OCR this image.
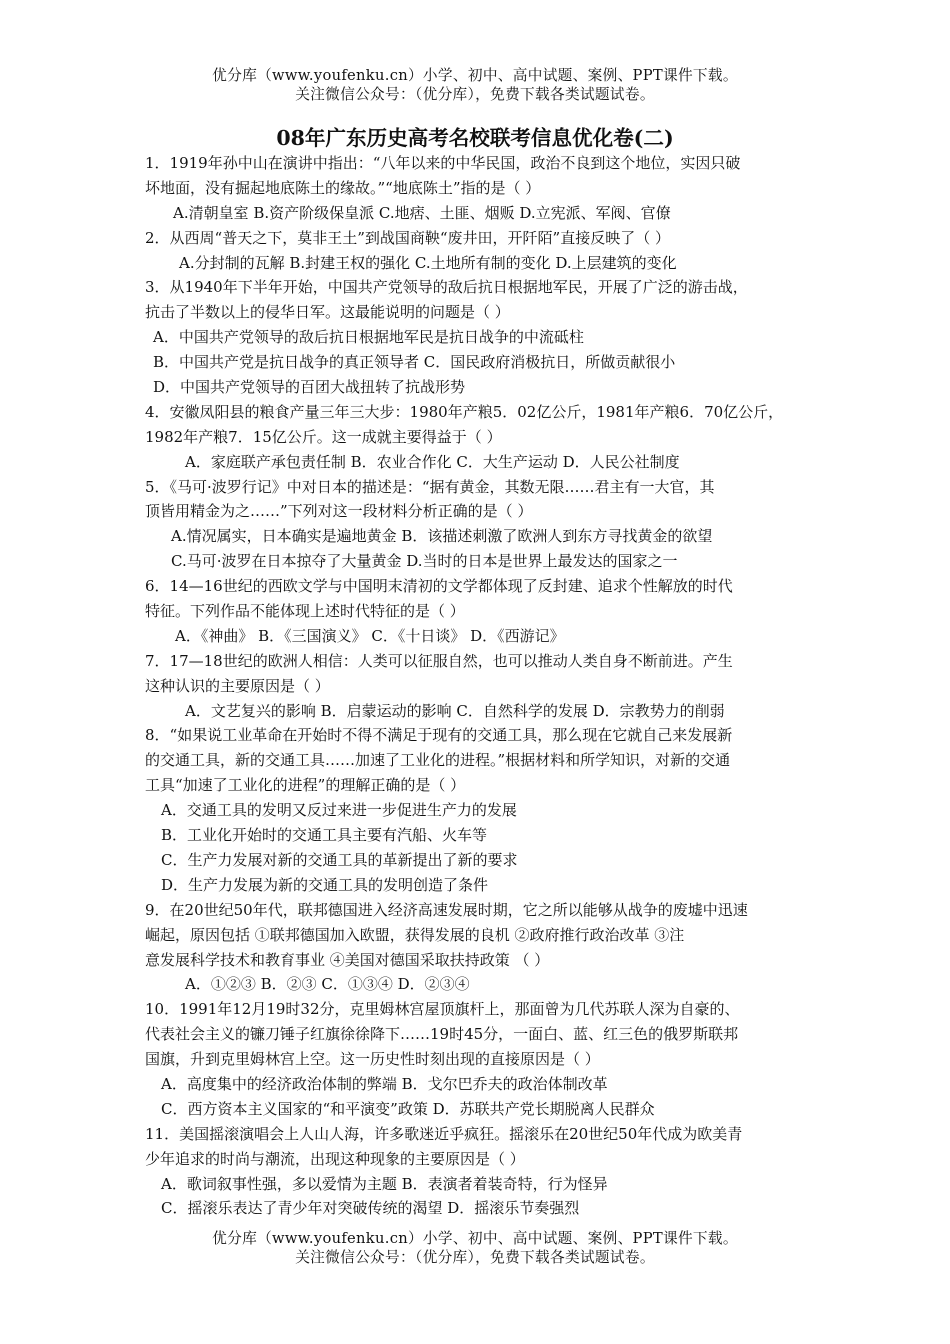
优分库（www.youfenku.cn）小学、初中、高中试题、案例、PPT课件下载。
关注微信公众号：（优分库），免费下载各类试题试卷。
08年广东历史高考名校联考信息优化卷(二)
1．1919年孙中山在演讲中指出：“八年以来的中华民国，政治不良到这个地位，实因只破
坏地面，没有掘起地底陈土的缘故。”“地底陈土”指的是（ ）
A.清朝皇室 B.资产阶级保皇派 C.地痞、土匪、烟贩 D.立宪派、军阀、官僚
2．从西周“普天之下，莫非王土”到战国商鞅“废井田，开阡陌”直接反映了（ ）
A.分封制的瓦解 B.封建王权的强化 C.土地所有制的变化 D.上层建筑的变化
3．从1940年下半年开始，中国共产党领导的敌后抗日根据地军民，开展了广泛的游击战，
抗击了半数以上的侵华日军。这最能说明的问题是（ ）
A．中国共产党领导的敌后抗日根据地军民是抗日战争的中流砥柱
B．中国共产党是抗日战争的真正领导者 C．国民政府消极抗日，所做贡献很小
D．中国共产党领导的百团大战扭转了抗战形势
4．安徽凤阳县的粮食产量三年三大步：1980年产粮5．02亿公斤，1981年产粮6．70亿公斤，
1982年产粮7．15亿公斤。这一成就主要得益于（ ）
A．家庭联产承包责任制 B．农业合作化 C．大生产运动 D．人民公社制度
5．《马可·波罗行记》中对日本的描述是：“据有黄金，其数无限……君主有一大官，其
顶皆用精金为之……”下列对这一段材料分析正确的是（ ）
A.情况属实，日本确实是遍地黄金 B．该描述刺激了欧洲人到东方寻找黄金的欲望
C.马可·波罗在日本掠夺了大量黄金 D.当时的日本是世界上最发达的国家之一
6．14—16世纪的西欧文学与中国明末清初的文学都体现了反封建、追求个性解放的时代
特征。下列作品不能体现上述时代特征的是（ ）
A．《神曲》 B．《三国演义》 C．《十日谈》 D．《西游记》
7．17—18世纪的欧洲人相信：人类可以征服自然，也可以推动人类自身不断前进。产生
这种认识的主要原因是（ ）
A．文艺复兴的影响 B．启蒙运动的影响 C．自然科学的发展 D．宗教势力的削弱
8．“如果说工业革命在开始时不得不满足于现有的交通工具，那么现在它就自己来发展新
的交通工具，新的交通工具……加速了工业化的进程。”根据材料和所学知识，对新的交通
工具“加速了工业化的进程”的理解正确的是（ ）
A．交通工具的发明又反过来进一步促进生产力的发展
B．工业化开始时的交通工具主要有汽船、火车等
C．生产力发展对新的交通工具的革新提出了新的要求
D．生产力发展为新的交通工具的发明创造了条件
9．在20世纪50年代，联邦德国进入经济高速发展时期，它之所以能够从战争的废墟中迅速
崛起，原因包括 ①联邦德国加入欧盟，获得发展的良机 ②政府推行政治改革 ③注
意发展科学技术和教育事业 ④美国对德国采取扶持政策 （ ）
A．①②③ B．②③ C．①③④ D．②③④
10．1991年12月19时32分，克里姆林宫屋顶旗杆上，那面曾为几代苏联人深为自豪的、
代表社会主义的镰刀锤子红旗徐徐降下……19时45分，一面白、蓝、红三色的俄罗斯联邦
国旗，升到克里姆林宫上空。这一历史性时刻出现的直接原因是（ ）
A．高度集中的经济政治体制的弊端 B．戈尔巴乔夫的政治体制改革
C．西方资本主义国家的“和平演变”政策 D．苏联共产党长期脱离人民群众
11．美国摇滚演唱会上人山人海，许多歌迷近乎疯狂。摇滚乐在20世纪50年代成为欧美青
少年追求的时尚与潮流，出现这种现象的主要原因是（ ）
A．歌词叙事性强，多以爱情为主题 B．表演者着装奇特，行为怪异
C．摇滚乐表达了青少年对突破传统的渴望 D．摇滚乐节奏强烈
优分库（www.youfenku.cn）小学、初中、高中试题、案例、PPT课件下载。
关注微信公众号：（优分库），免费下载各类试题试卷。
